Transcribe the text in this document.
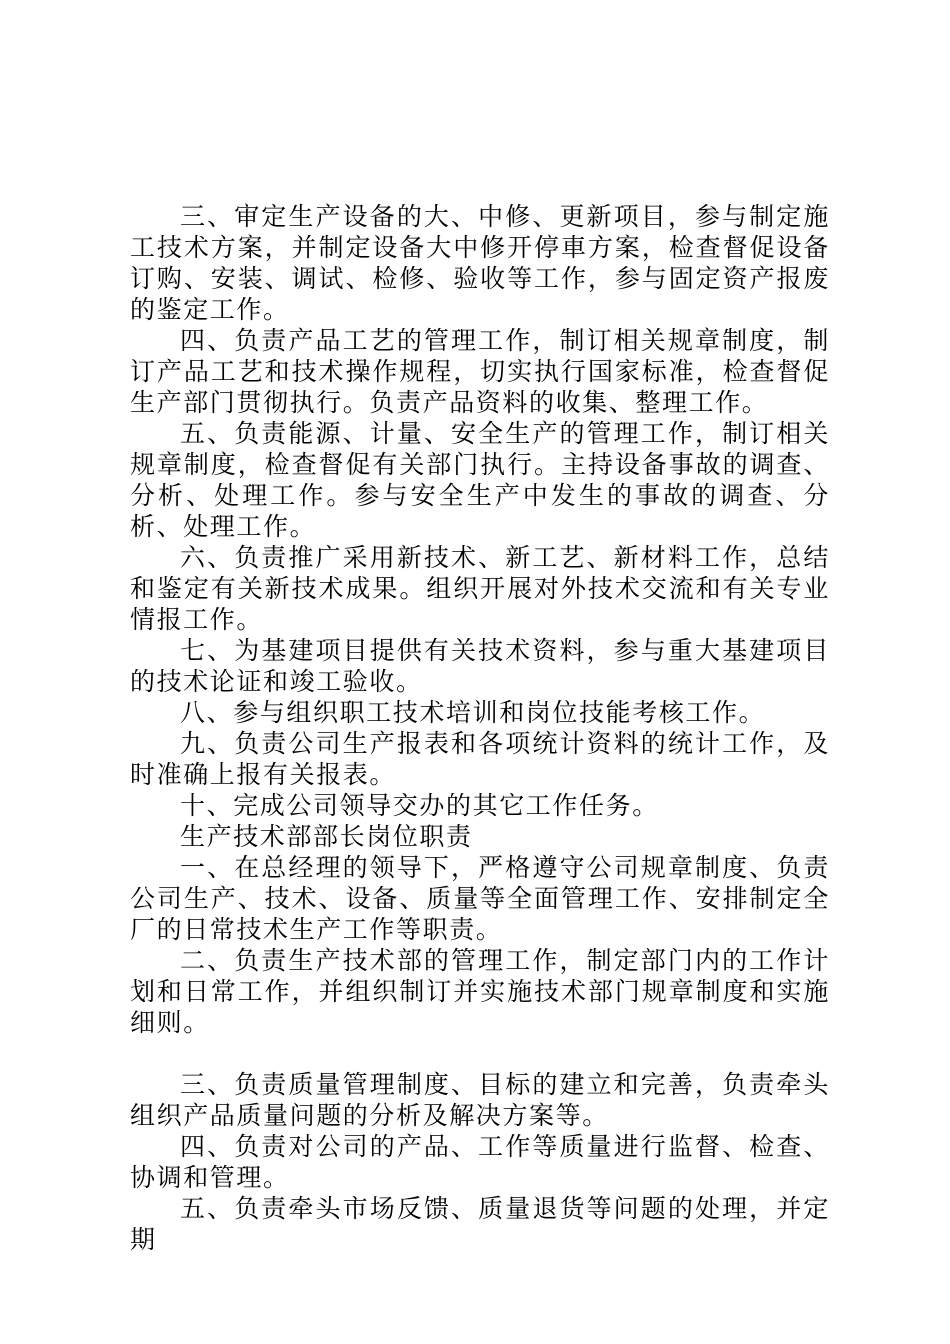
三、审定生产设备的大、中修、更新项目，参与制定施工技术方案，并制定设备大中修开停車方案，检查督促设备订购、安装、调试、检修、验收等工作，参与固定资产报废的鉴定工作。

四、负责产品工艺的管理工作，制订相关规章制度，制订产品工艺和技术操作规程，切实执行国家标准，检查督促生产部门贯彻执行。负责产品资料的收集、整理工作。

五、负责能源、计量、安全生产的管理工作，制订相关规章制度，检查督促有关部门执行。主持设备事故的调查、分析、处理工作。参与安全生产中发生的事故的调查、分析、处理工作。

六、负责推广采用新技术、新工艺、新材料工作，总结和鉴定有关新技术成果。组织开展对外技术交流和有关专业情报工作。

七、为基建项目提供有关技术资料，参与重大基建项目的技术论证和竣工验收。

八、参与组织职工技术培训和岗位技能考核工作。

九、负责公司生产报表和各项统计资料的统计工作，及时准确上报有关报表。

十、完成公司领导交办的其它工作任务。

生产技术部部长岗位职责

一、在总经理的领导下，严格遵守公司规章制度、负责公司生产、技术、设备、质量等全面管理工作、安排制定全厂的日常技术生产工作等职责。

二、负责生产技术部的管理工作，制定部门内的工作计划和日常工作，并组织制订并实施技术部门规章制度和实施细则。

三、负责质量管理制度、目标的建立和完善，负责牵头组织产品质量问题的分析及解决方案等。

四、负责对公司的产品、工作等质量进行监督、检查、协调和管理。

五、负责牵头市场反馈、质量退货等问题的处理，并定期
